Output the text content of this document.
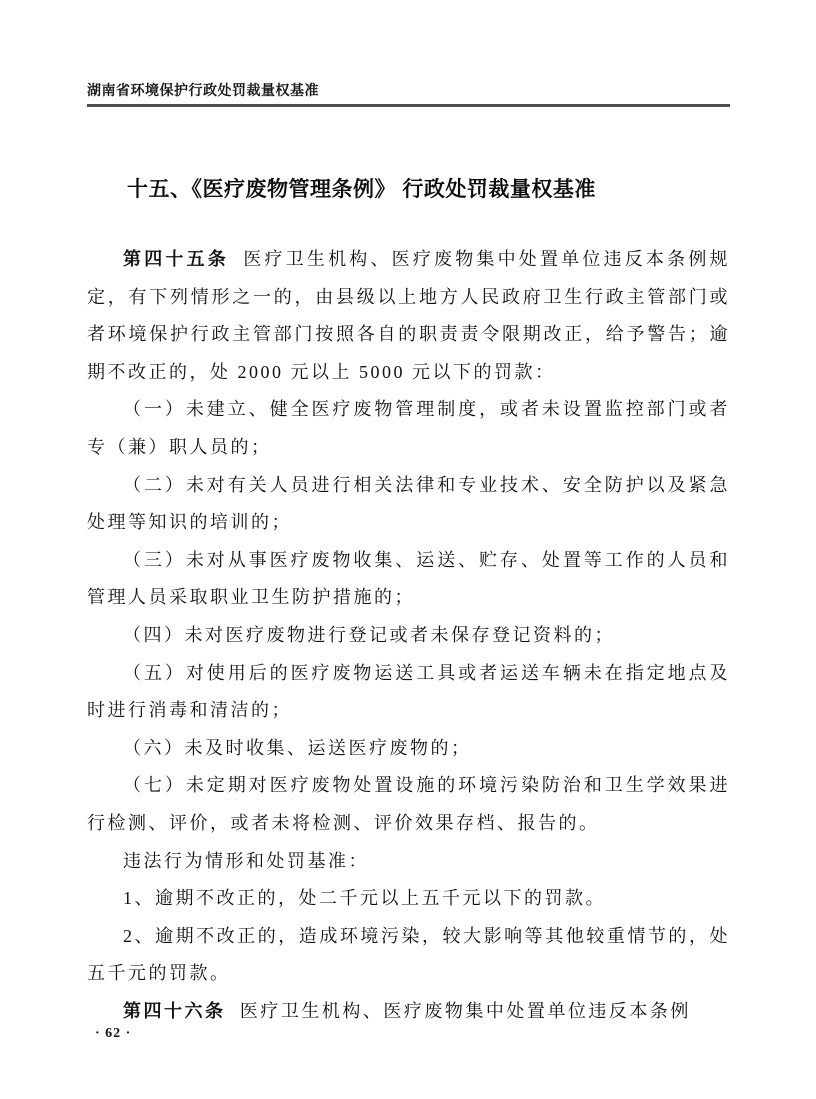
湖南省环境保护行政处罚裁量权基准
十五、《医疗废物管理条例》 行政处罚裁量权基准

第四十五条 医疗卫生机构、医疗废物集中处置单位违反本条例规定，有下列情形之一的，由县级以上地方人民政府卫生行政主管部门或者环境保护行政主管部门按照各自的职责责令限期改正，给予警告；逾期不改正的，处 2000 元以上 5000 元以下的罚款：

（一）未建立、健全医疗废物管理制度，或者未设置监控部门或者专（兼）职人员的；

（二）未对有关人员进行相关法律和专业技术、安全防护以及紧急处理等知识的培训的；

（三）未对从事医疗废物收集、运送、贮存、处置等工作的人员和管理人员采取职业卫生防护措施的；

（四）未对医疗废物进行登记或者未保存登记资料的；

（五）对使用后的医疗废物运送工具或者运送车辆未在指定地点及时进行消毒和清洁的；

（六）未及时收集、运送医疗废物的；

（七）未定期对医疗废物处置设施的环境污染防治和卫生学效果进行检测、评价，或者未将检测、评价效果存档、报告的。

违法行为情形和处罚基准：

1、逾期不改正的，处二千元以上五千元以下的罚款。

2、逾期不改正的，造成环境污染，较大影响等其他较重情节的，处五千元的罚款。

第四十六条 医疗卫生机构、医疗废物集中处置单位违反本条例

· 62 ·
